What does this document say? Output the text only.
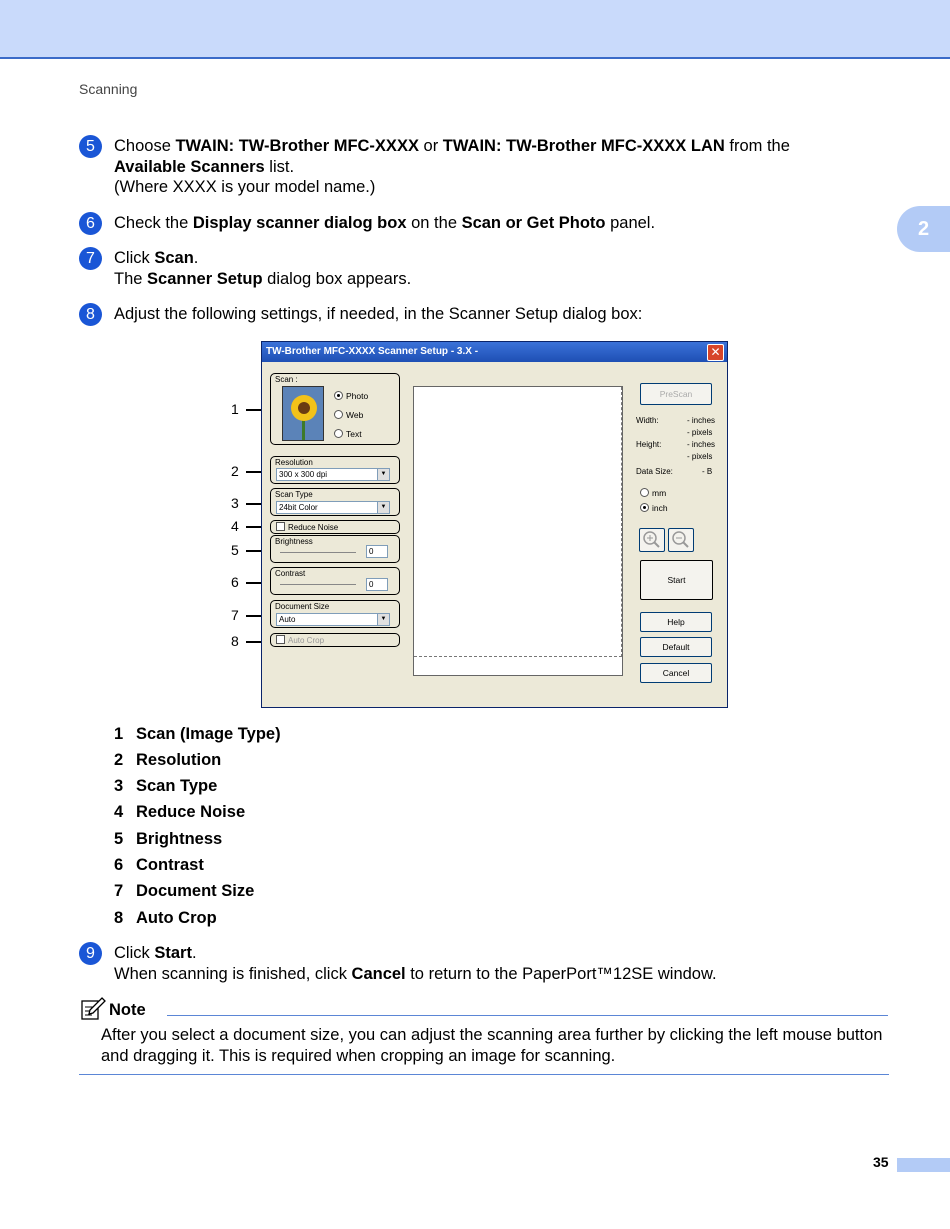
Scanning
2
5	Choose TWAIN: TW-Brother MFC-XXXX or TWAIN: TW-Brother MFC-XXXX LAN from the
Available Scanners list.
(Where XXXX is your model name.)
6	Check the Display scanner dialog box on the Scan or Get Photo panel.
7	Click Scan.
The Scanner Setup dialog box appears.
8	Adjust the following settings, if needed, in the Scanner Setup dialog box:
1
2
3
4
5
6
7
8
TW-Brother MFC-XXXX Scanner Setup - 3.X -	✕
Scan :
Photo
Web
Text
Resolution
300 x 300 dpi	▼
Scan Type
24bit Color	▼
Reduce Noise
Brightness
0
Contrast
0
Document Size
Auto	▼
Auto Crop
PreScan
Width:	- inches
- pixels
Height:	- inches
- pixels
Data Size:	- B
mm
inch
Start
Help
Default
Cancel
1 Scan (Image Type)
2 Resolution
3 Scan Type
4 Reduce Noise
5 Brightness
6 Contrast
7 Document Size
8 Auto Crop
9	Click Start.
When scanning is finished, click Cancel to return to the PaperPort™12SE window.
Note
After you select a document size, you can adjust the scanning area further by clicking the left mouse button
and dragging it. This is required when cropping an image for scanning.
35
